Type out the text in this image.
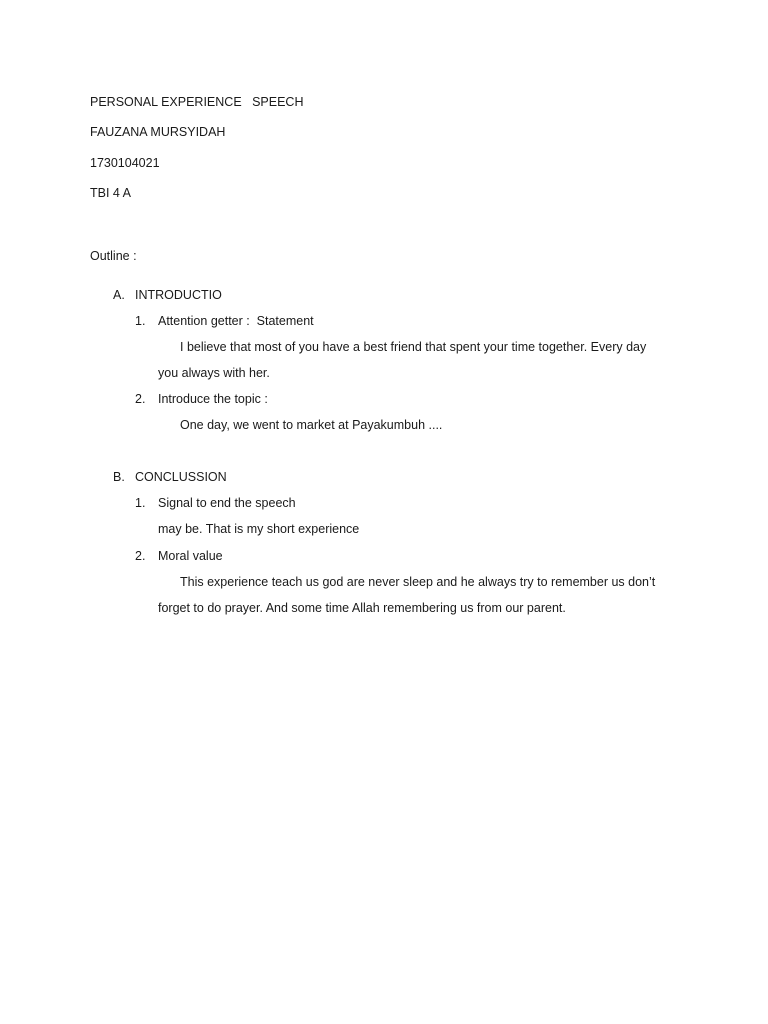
PERSONAL EXPERIENCE   SPEECH
FAUZANA MURSYIDAH
1730104021
TBI 4 A
Outline :
A. INTRODUCTIO
1. Attention getter :  Statement
I believe that most of you have a best friend that spent your time together. Every day
you always with her.
2. Introduce the topic :
One day, we went to market at Payakumbuh ....
B. CONCLUSSION
1. Signal to end the speech
may be. That is my short experience
2. Moral value
This experience teach us god are never sleep and he always try to remember us don’t
forget to do prayer. And some time Allah remembering us from our parent.
